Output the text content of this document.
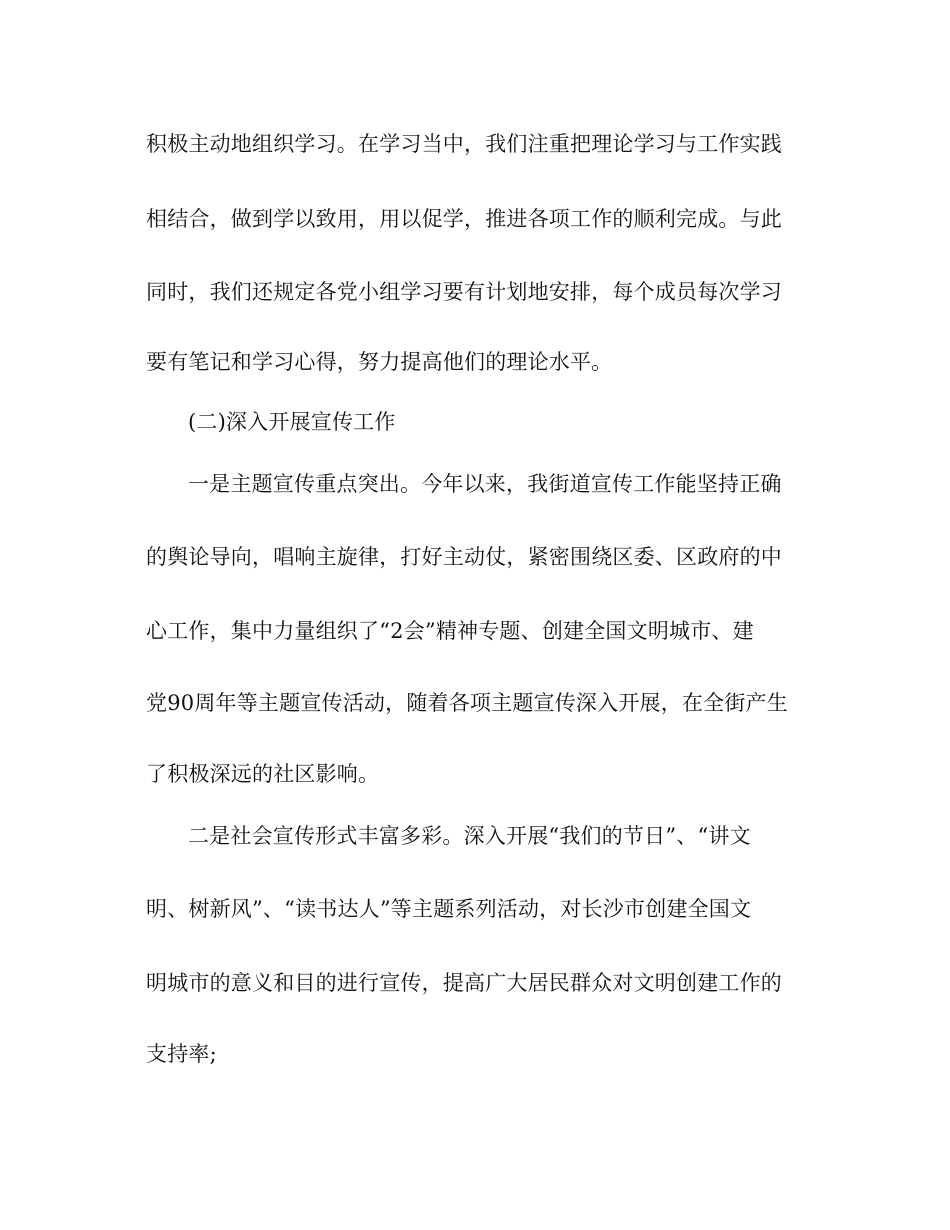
积极主动地组织学习。在学习当中，我们注重把理论学习与工作实践
相结合，做到学以致用，用以促学，推进各项工作的顺利完成。与此
同时，我们还规定各党小组学习要有计划地安排，每个成员每次学习
要有笔记和学习心得，努力提高他们的理论水平。
(二)深入开展宣传工作
一是主题宣传重点突出。今年以来，我街道宣传工作能坚持正确
的舆论导向，唱响主旋律，打好主动仗，紧密围绕区委、区政府的中
心工作，集中力量组织了“2会”精神专题、创建全国文明城市、建
党90周年等主题宣传活动，随着各项主题宣传深入开展，在全街产生
了积极深远的社区影响。
二是社会宣传形式丰富多彩。深入开展“我们的节日”、“讲文
明、树新风”、“读书达人”等主题系列活动，对长沙市创建全国文
明城市的意义和目的进行宣传，提高广大居民群众对文明创建工作的
支持率;
